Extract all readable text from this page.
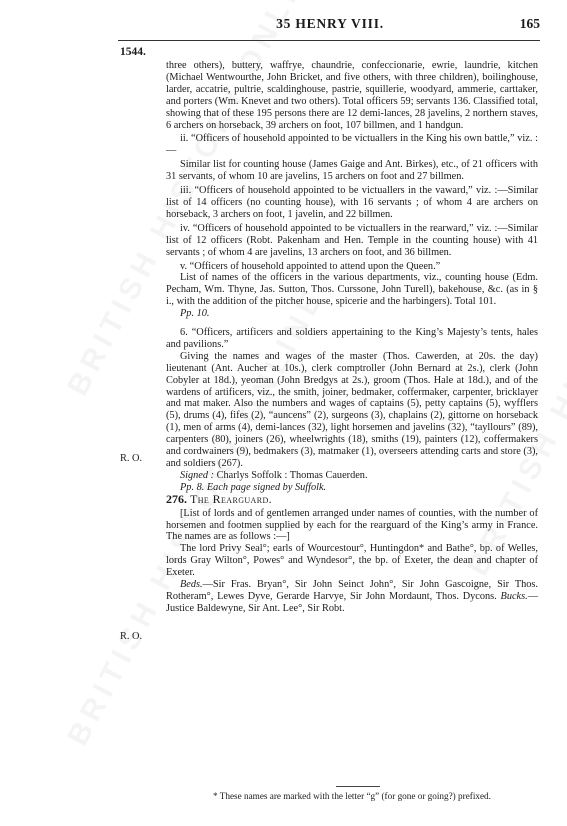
35 HENRY VIII.	165
1544.
R. O.
R. O.

three others), buttery, waffrye, chaundrie, confeccionarie, ewrie, laundrie, kitchen (Michael Wentwourthe, John Bricket, and five others, with three children), boilinghouse, larder, accatrie, pultrie, scaldinghouse, pastrie, squillerie, woodyard, ammerie, carttaker, and porters (Wm. Knevet and two others). Total officers 59; servants 136. Classified total, showing that of these 195 persons there are 12 demi-lances, 28 javelins, 2 northern staves, 6 archers on horseback, 39 archers on foot, 107 billmen, and 1 handgun.

ii. “Officers of household appointed to be victuallers in the King his own battle,” viz. :—

Similar list for counting house (James Gaige and Ant. Birkes), etc., of 21 officers with 31 servants, of whom 10 are javelins, 15 archers on foot and 27 billmen.

iii. “Officers of household appointed to be victuallers in the vaward,” viz. :—Similar list of 14 officers (no counting house), with 16 servants ; of whom 4 are archers on horseback, 3 archers on foot, 1 javelin, and 22 billmen.

iv. “Officers of household appointed to be victuallers in the rearward,” viz. :—Similar list of 12 officers (Robt. Pakenham and Hen. Temple in the counting house) with 41 servants ; of whom 4 are javelins, 13 archers on foot, and 36 billmen.

v. “Officers of household appointed to attend upon the Queen.”

List of names of the officers in the various departments, viz., counting house (Edm. Pecham, Wm. Thyne, Jas. Sutton, Thos. Curssone, John Turell), bakehouse, &c. (as in § i., with the addition of the pitcher house, spicerie and the harbingers). Total 101.

Pp. 10.

6. “Officers, artificers and soldiers appertaining to the King’s Majesty’s tents, hales and pavilions.”

Giving the names and wages of the master (Thos. Cawerden, at 20s. the day) lieutenant (Ant. Aucher at 10s.), clerk comptroller (John Bernard at 2s.), clerk (John Cobyler at 18d.), yeoman (John Bredgys at 2s.), groom (Thos. Hale at 18d.), and of the wardens of artificers, viz., the smith, joiner, bedmaker, coffermaker, carpenter, bricklayer and mat maker. Also the numbers and wages of captains (5), petty captains (5), wyfflers (5), drums (4), fifes (2), “auncens” (2), surgeons (3), chaplains (2), gittorne on horseback (1), men of arms (4), demi-lances (32), light horsemen and javelins (32), “tayllours” (89), carpenters (80), joiners (26), wheelwrights (18), smiths (19), painters (12), coffermakers and cordwainers (9), bedmakers (3), matmaker (1), overseers attending carts and store (3), and soldiers (267).

Signed : Charlys Soffolk : Thomas Cauerden.

Pp. 8. Each page signed by Suffolk.

276. The Rearguard.

[List of lords and of gentlemen arranged under names of counties, with the number of horsemen and footmen supplied by each for the rearguard of the King’s army in France. The names are as follows :—]

The lord Privy Seal°; earls of Wourcestour°, Huntingdon* and Bathe°, bp. of Welles, lords Gray Wilton°, Powes° and Wyndesor°, the bp. of Exeter, the dean and chapter of Exeter.

Beds.—Sir Fras. Bryan°, Sir John Seinct John°, Sir John Gascoigne, Sir Thos. Rotheram°, Lewes Dyve, Gerarde Harvye, Sir John Mordaunt, Thos. Dycons. Bucks.—Justice Baldewyne, Sir Ant. Lee°, Sir Robt.

* These names are marked with the letter “g” (for gone or going?) prefixed.
